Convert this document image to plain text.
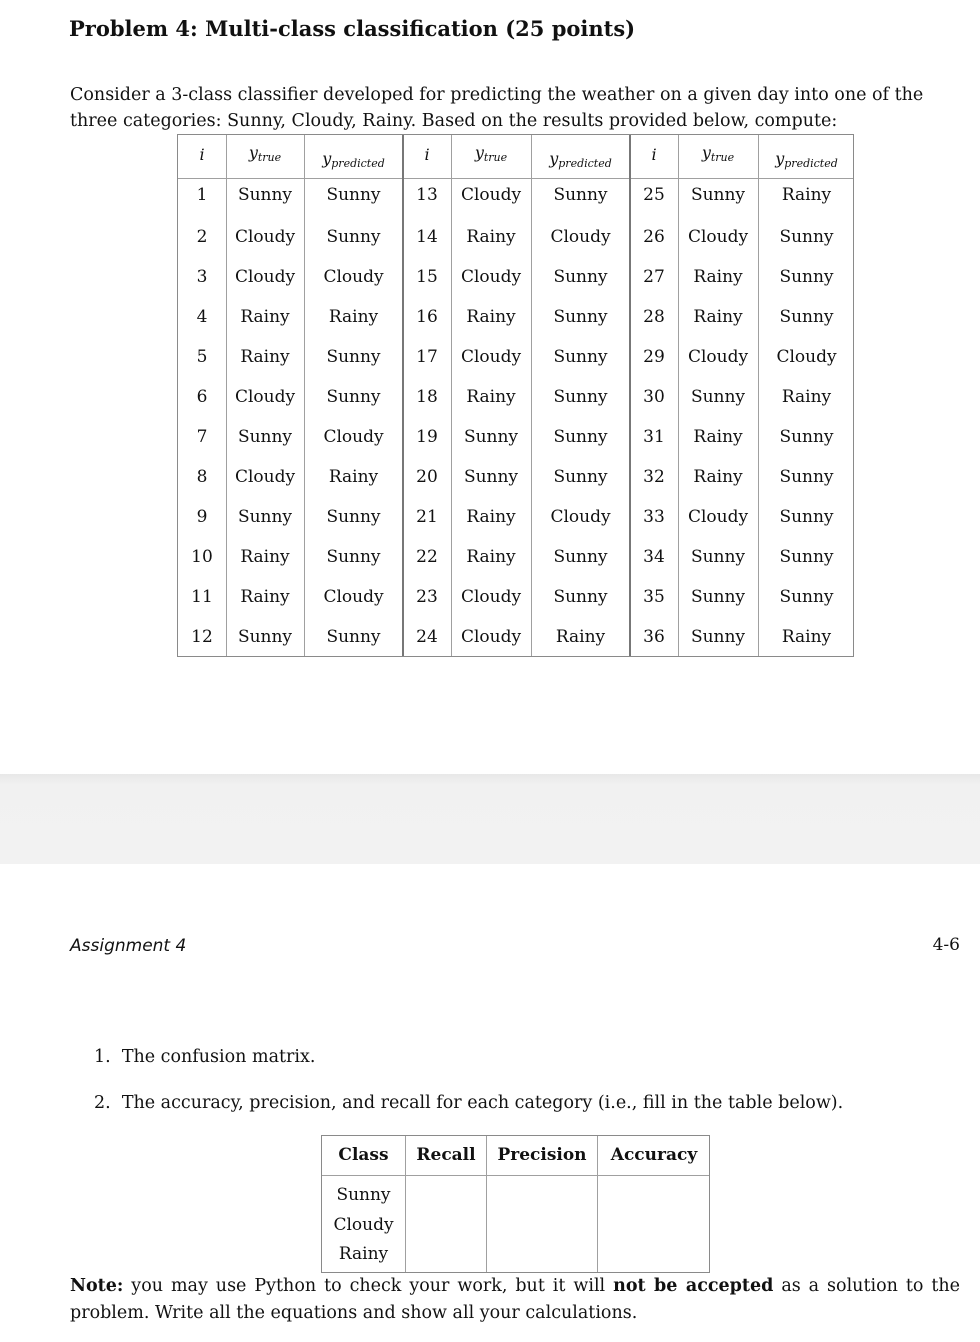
Problem 4: Multi-class classification (25 points)
Consider a 3-class classifier developed for predicting the weather on a given day into one of the three categories: Sunny, Cloudy, Rainy. Based on the results provided below, compute:
i	$y_{true}$	$y_{predicted}$
1	Sunny	Sunny
2	Cloudy	Sunny
3	Cloudy	Cloudy
4	Rainy	Rainy
5	Rainy	Sunny
6	Cloudy	Sunny
7	Sunny	Cloudy
8	Cloudy	Rainy
9	Sunny	Sunny
10	Rainy	Sunny
11	Rainy	Cloudy
12	Sunny	Sunny
i	$y_{true}$	$y_{predicted}$
13	Cloudy	Sunny
14	Rainy	Cloudy
15	Cloudy	Sunny
16	Rainy	Sunny
17	Cloudy	Sunny
18	Rainy	Sunny
19	Sunny	Sunny
20	Sunny	Sunny
21	Rainy	Cloudy
22	Rainy	Sunny
23	Cloudy	Sunny
24	Cloudy	Rainy
i	$y_{true}$	$y_{predicted}$
25	Sunny	Rainy
26	Cloudy	Sunny
27	Rainy	Sunny
28	Rainy	Sunny
29	Cloudy	Cloudy
30	Sunny	Rainy
31	Rainy	Sunny
32	Rainy	Sunny
33	Cloudy	Sunny
34	Sunny	Sunny
35	Sunny	Sunny
36	Sunny	Rainy
Assignment 4	4-6
1.  The confusion matrix.
2.  The accuracy, precision, and recall for each category (i.e., fill in the table below).
Class	Recall	Precision	Accuracy
Sunny
Cloudy
Rainy
Note: you may use Python to check your work, but it will not be accepted as a solution to the problem. Write all the equations and show all your calculations.
